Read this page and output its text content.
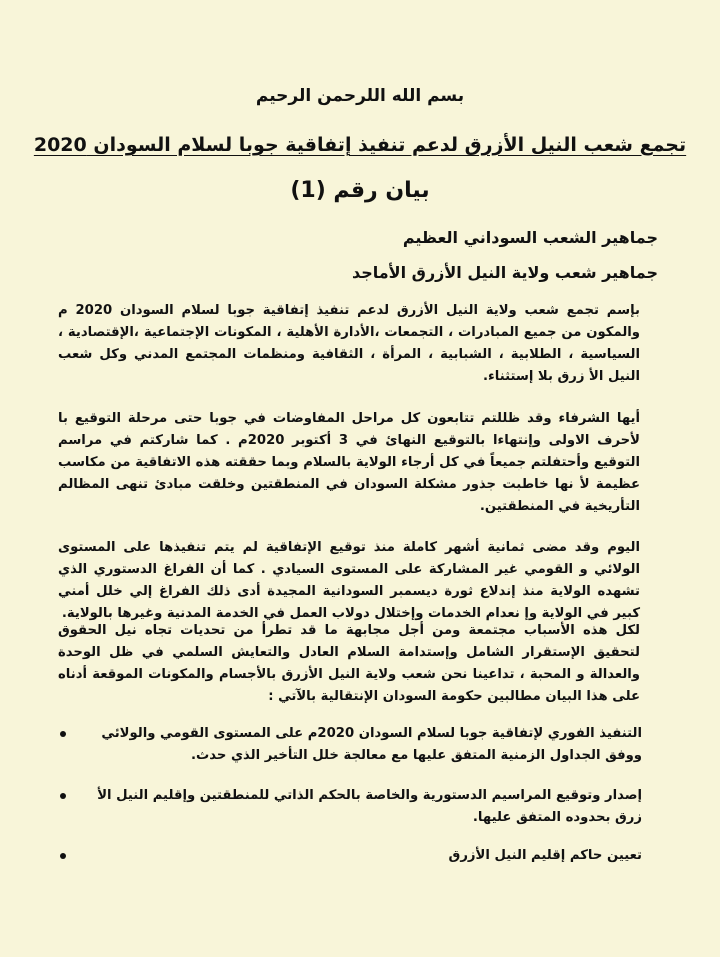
بسم الله اللرحمن الرحيم
تجمع شعب النيل الأزرق لدعم تنفيذ إتفاقية جوبا لسلام السودان 2020
بيان رقم (1)
جماهير الشعب السوداني العظيم
جماهير شعب ولاية النيل الأزرق الأماجد
بإسم تجمع شعب ولاية النيل الأزرق لدعم تنفيذ إتفاقية جوبا لسلام السودان 2020 م والمكون من جميع المبادرات ، التجمعات ،الأدارة الأهلية ، المكونات الإجتماعية ،الإقتصادية ، السياسية ، الطلابية ، الشبابية ، المرأة ، الثقافية ومنظمات المجتمع المدني وكل شعب النيل الأ زرق بلا إستثناء.
أيها الشرفاء وقد ظللتم تتابعون كل مراحل المفاوضات في جوبا حتى مرحلة التوقيع با لأحرف الاولى وإنتهاءا بالتوقيع النهائ في 3 أكتوبر 2020م . كما شاركتم في مراسم التوقيع وأحتفلتم جميعاً في كل أرجاء الولاية بالسلام وبما حققته هذه الاتفاقية من مكاسب عظيمة لأ نها خاطبت جذور مشكلة السودان في المنطقتين وخلقت مبادئ تنهى المظالم التأريخية في المنطقتين.
اليوم وقد مضى ثمانية أشهر كاملة منذ توقيع الإتفاقية لم يتم تنفيذها على المستوى الولائي و القومي غير المشاركة على المستوى السيادي . كما أن الفراغ الدستوري الذي تشهده الولاية منذ إندلاع ثورة ديسمبر السودانية المجيدة أدى ذلك الفراغ إلي خلل أمني كبير في الولاية وإ نعدام الخدمات وإختلال دولاب العمل في الخدمة المدنية وغيرها بالولاية.
لكل هذه الأسباب مجتمعة ومن أجل مجابهة ما قد تطرأ من تحديات تجاه نيل الحقوق لتحقيق الإستقرار الشامل وإستدامة السلام العادل والتعايش السلمي في ظل الوحدة والعدالة و المحبة ، تداعينا نحن شعب ولاية النيل الأزرق بالأجسام والمكونات الموقعة أدناه على هذا البيان مطالبين حكومة السودان الإنتقالية بالآتي :
التنفيذ الفوري لإتفاقية جوبا لسلام السودان 2020م على المستوى القومي والولائي ووفق الجداول الزمنية المتفق عليها مع معالجة خلل التأخير الذي حدث.
إصدار وتوقيع المراسيم الدستورية والخاصة بالحكم الذاتي للمنطقتين وإقليم النيل الأ زرق بحدوده المتفق عليها.
تعيين حاكم إقليم النيل الأزرق
